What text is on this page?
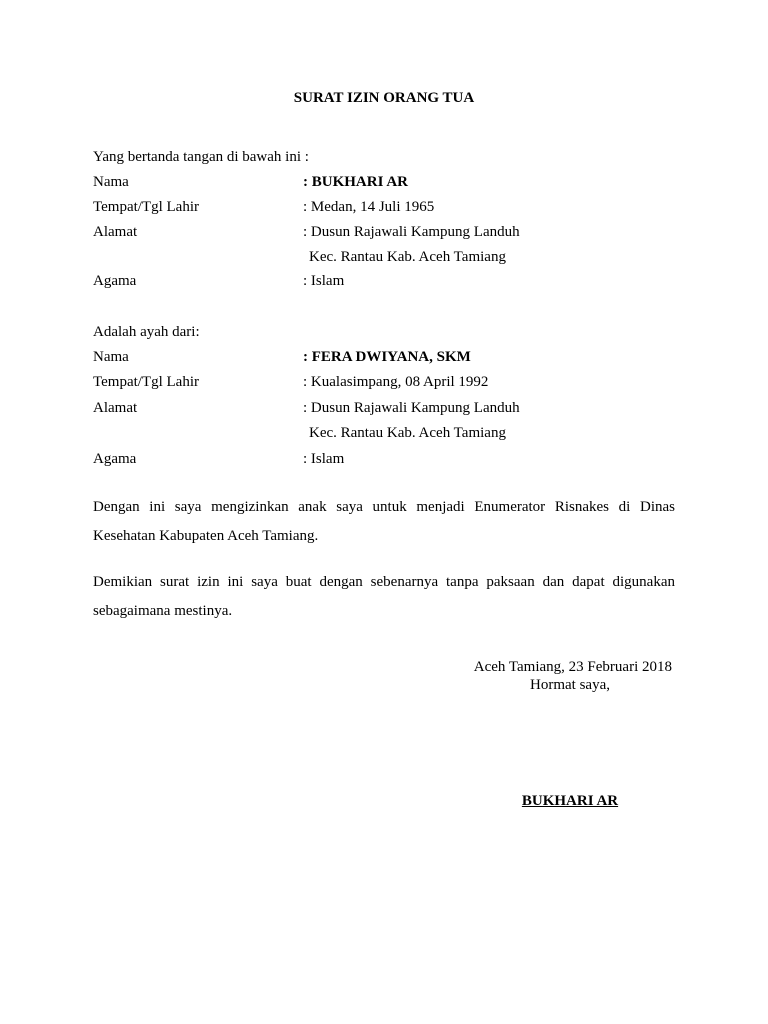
SURAT IZIN ORANG TUA
Yang bertanda tangan di bawah ini :
Nama	: BUKHARI AR
Tempat/Tgl Lahir	: Medan, 14 Juli 1965
Alamat	: Dusun Rajawali Kampung Landuh
Kec. Rantau Kab. Aceh Tamiang
Agama	: Islam
Adalah ayah dari:
Nama	: FERA DWIYANA, SKM
Tempat/Tgl Lahir	: Kualasimpang, 08 April 1992
Alamat	: Dusun Rajawali Kampung Landuh
Kec. Rantau Kab. Aceh Tamiang
Agama	: Islam
Dengan ini saya mengizinkan anak saya untuk menjadi Enumerator Risnakes di Dinas Kesehatan Kabupaten Aceh Tamiang.
Demikian surat izin ini saya buat dengan sebenarnya tanpa paksaan dan dapat digunakan sebagaimana mestinya.
Aceh Tamiang, 23 Februari 2018
Hormat saya,
BUKHARI AR
